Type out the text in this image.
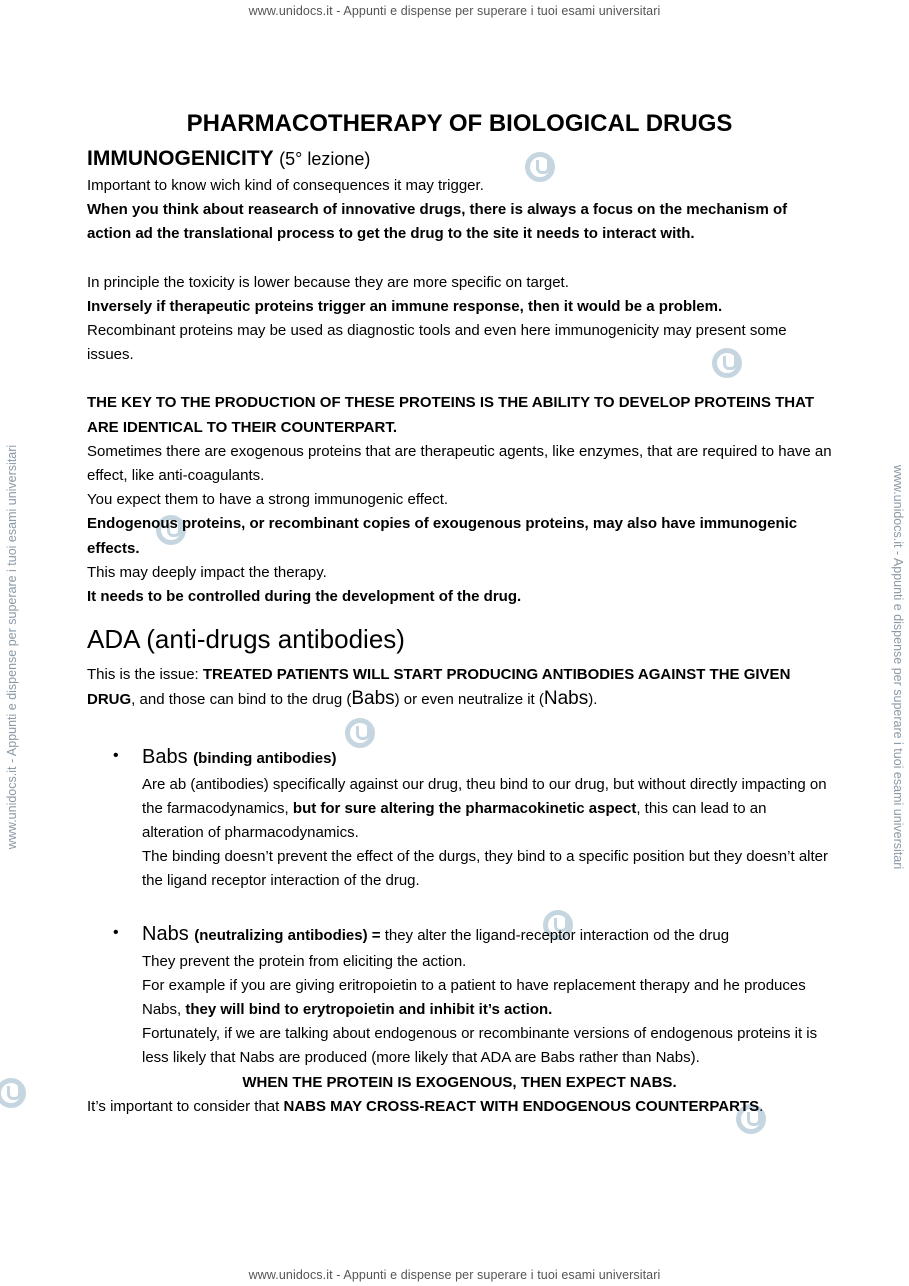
www.unidocs.it - Appunti e dispense per superare i tuoi esami universitari
www.unidocs.it - Appunti e dispense per superare i tuoi esami universitari
www.unidocs.it - Appunti e dispense per superare i tuoi esami universitari	www.unidocs.it - Appunti e dispense per superare i tuoi esami universitari
PHARMACOTHERAPY OF BIOLOGICAL DRUGS
IMMUNOGENICITY (5° lezione)

Important to know wich kind of consequences it may trigger.

When you think about reasearch of innovative drugs, there is always a focus on the mechanism of action ad the translational process to get the drug to the site it needs to interact with.

In principle the toxicity is lower because they are more specific on target.

Inversely if therapeutic proteins trigger an immune response, then it would be a problem.

Recombinant proteins may be used as diagnostic tools and even here immunogenicity may present some issues.

THE KEY TO THE PRODUCTION OF THESE PROTEINS IS THE ABILITY TO DEVELOP PROTEINS THAT ARE IDENTICAL TO THEIR COUNTERPART.

Sometimes there are exogenous proteins that are therapeutic agents, like enzymes, that are required to have an effect, like anti-coagulants.

You expect them to have a strong immunogenic effect.

Endogenous proteins, or recombinant copies of exougenous proteins, may also have immunogenic effects.

This may deeply impact the therapy.

It needs to be controlled during the development of the drug.

ADA (anti-drugs antibodies)

This is the issue: TREATED PATIENTS WILL START PRODUCING ANTIBODIES AGAINST THE GIVEN DRUG, and those can bind to the drug (Babs) or even neutralize it (Nabs).

• Babs (binding antibodies)

Are ab (antibodies) specifically against our drug, theu bind to our drug, but without directly impacting on the farmacodynamics, but for sure altering the pharmacokinetic aspect, this can lead to an alteration of pharmacodynamics.

The binding doesn’t prevent the effect of the durgs, they bind to a specific position but they doesn’t alter the ligand receptor interaction of the drug.

• Nabs (neutralizing antibodies) = they alter the ligand-receptor interaction od the drug

They prevent the protein from eliciting the action.

For example if you are giving eritropoietin to a patient to have replacement therapy and he produces Nabs, they will bind to erytropoietin and inhibit it’s action.

Fortunately, if we are talking about endogenous or recombinante versions of endogenous proteins it is less likely that Nabs are produced (more likely that ADA are Babs rather than Nabs).

WHEN THE PROTEIN IS EXOGENOUS, THEN EXPECT NABS.

It’s important to consider that NABS MAY CROSS-REACT WITH ENDOGENOUS COUNTERPARTS.
